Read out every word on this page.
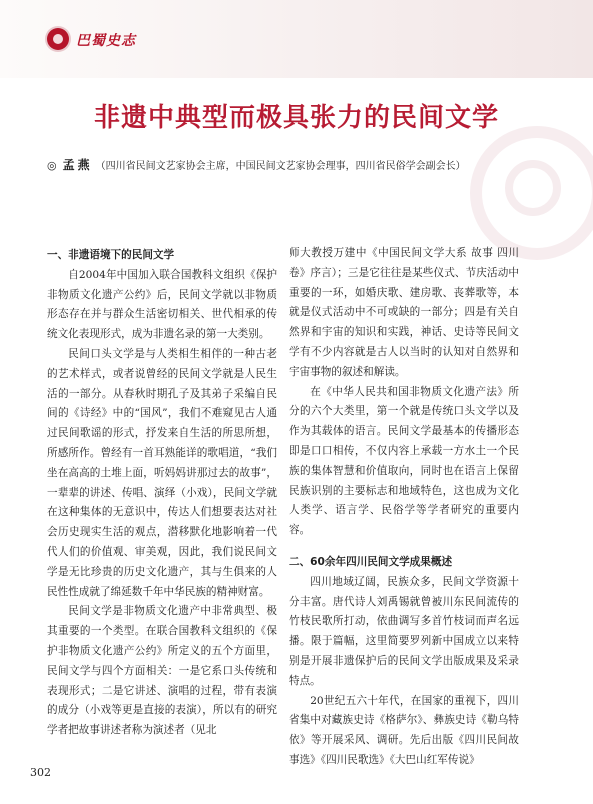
巴蜀史志
非遗中典型而极具张力的民间文学
◎ 孟燕 （四川省民间文艺家协会主席，中国民间文艺家协会理事，四川省民俗学会副会长）
一、非遗语境下的民间文学

自2004年中国加入联合国教科文组织《保护非物质文化遗产公约》后，民间文学就以非物质形态存在并与群众生活密切相关、世代相承的传统文化表现形式，成为非遗名录的第一大类别。

民间口头文学是与人类相生相伴的一种古老的艺术样式，或者说曾经的民间文学就是人民生活的一部分。从春秋时期孔子及其弟子采编自民间的《诗经》中的“国风”，我们不难窥见古人通过民间歌谣的形式，抒发来自生活的所思所想，所感所作。曾经有一首耳熟能详的歌唱道，“我们坐在高高的土堆上面，听妈妈讲那过去的故事”，一辈辈的讲述、传唱、演绎（小戏），民间文学就在这种集体的无意识中，传达人们想要表达对社会历史现实生活的观点，潜移默化地影响着一代代人们的价值观、审美观，因此，我们说民间文学是无比珍贵的历史文化遗产，其与生俱来的人民性性成就了绵延数千年中华民族的精神财富。

民间文学是非物质文化遗产中非常典型、极其重要的一个类型。在联合国教科文组织的《保护非物质文化遗产公约》所定义的五个方面里，民间文学与四个方面相关：一是它系口头传统和表现形式；二是它讲述、演唱的过程，带有表演的成分（小戏等更是直接的表演），所以有的研究学者把故事讲述者称为演述者（见北

师大教授万建中《中国民间文学大系 故事 四川卷》序言）；三是它往往是某些仪式、节庆活动中重要的一环，如婚庆歌、建房歌、丧葬歌等，本就是仪式活动中不可或缺的一部分；四是有关自然界和宇宙的知识和实践，神话、史诗等民间文学有不少内容就是古人以当时的认知对自然界和宇宙事物的叙述和解读。

在《中华人民共和国非物质文化遗产法》所分的六个大类里，第一个就是传统口头文学以及作为其载体的语言。民间文学最基本的传播形态即是口口相传，不仅内容上承载一方水土一个民族的集体智慧和价值取向，同时也在语言上保留民族识别的主要标志和地域特色，这也成为文化人类学、语言学、民俗学等学者研究的重要内容。

二、60余年四川民间文学成果概述

四川地域辽阔，民族众多，民间文学资源十分丰富。唐代诗人刘禹锡就曾被川东民间流传的竹枝民歌所打动，依曲调写多首竹枝词而声名远播。限于篇幅，这里简要罗列新中国成立以来特别是开展非遗保护后的民间文学出版成果及采录特点。

20世纪五六十年代，在国家的重视下，四川省集中对藏族史诗《格萨尔》、彝族史诗《勒乌特依》等开展采风、调研。先后出版《四川民间故事选》《四川民歌选》《大巴山红军传说》

302
